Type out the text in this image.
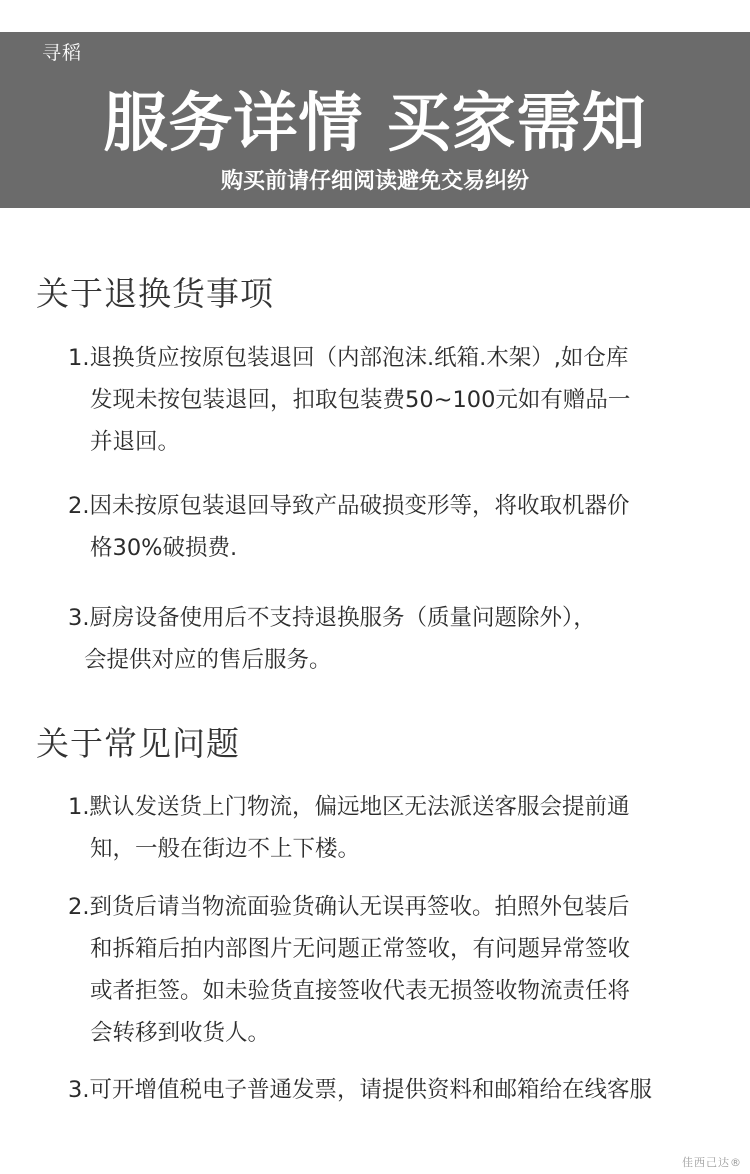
寻稻
服务详情 买家需知
购买前请仔细阅读避免交易纠纷
关于退换货事项
1.退换货应按原包装退回（内部泡沫.纸箱.木架）,如仓库
发现未按包装退回，扣取包装费50~100元如有赠品一
并退回。
2.因未按原包装退回导致产品破损变形等，将收取机器价
格30%破损费.
3.厨房设备使用后不支持退换服务（质量问题除外），
会提供对应的售后服务。
关于常见问题
1.默认发送货上门物流，偏远地区无法派送客服会提前通
知，一般在街边不上下楼。
2.到货后请当物流面验货确认无误再签收。拍照外包装后
和拆箱后拍内部图片无问题正常签收，有问题异常签收
或者拒签。如未验货直接签收代表无损签收物流责任将
会转移到收货人。
3.可开增值税电子普通发票，请提供资料和邮箱给在线客服
佳西己达®
